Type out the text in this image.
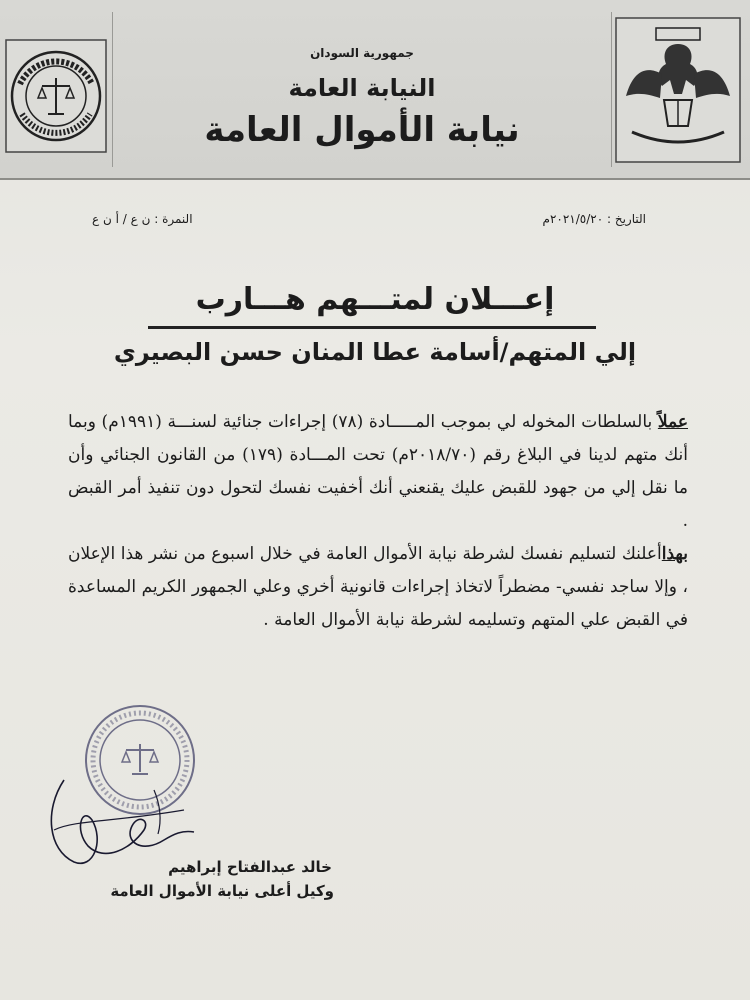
جمهورية السودان
النيابة العامة
نيابة الأموال العامة
التاريخ : ٢٠٢١/٥/٢٠م
النمرة : ن ع / أ ن ع
إعـــلان لمتـــهم هـــارب
إلي المتهم/أسامة عطا المنان حسن البصيري

عملاً بالسلطات المخوله لي بموجب المـــــادة (٧٨) إجراءات جنائية لسنـــة (١٩٩١م) وبما أنك متهم لدينا في البلاغ رقم (٢٠١٨/٧٠م) تحت المـــادة (١٧٩) من القانون الجنائي وأن ما نقل إلي من جهود للقبض عليك يقنعني أنك أخفيت نفسك لتحول دون تنفيذ أمر القبض .

بهذاأعلنك لتسليم نفسك لشرطة نيابة الأموال العامة في خلال اسبوع من نشر هذا الإعلان ، وإلا ساجد نفسي- مضطراً لاتخاذ إجراءات قانونية أخري وعلي الجمهور الكريم المساعدة في القبض علي المتهم وتسليمه لشرطة نيابة الأموال العامة .

خالد عبدالفتاح إبراهيم
وكيل أعلى نيابة الأموال العامة
